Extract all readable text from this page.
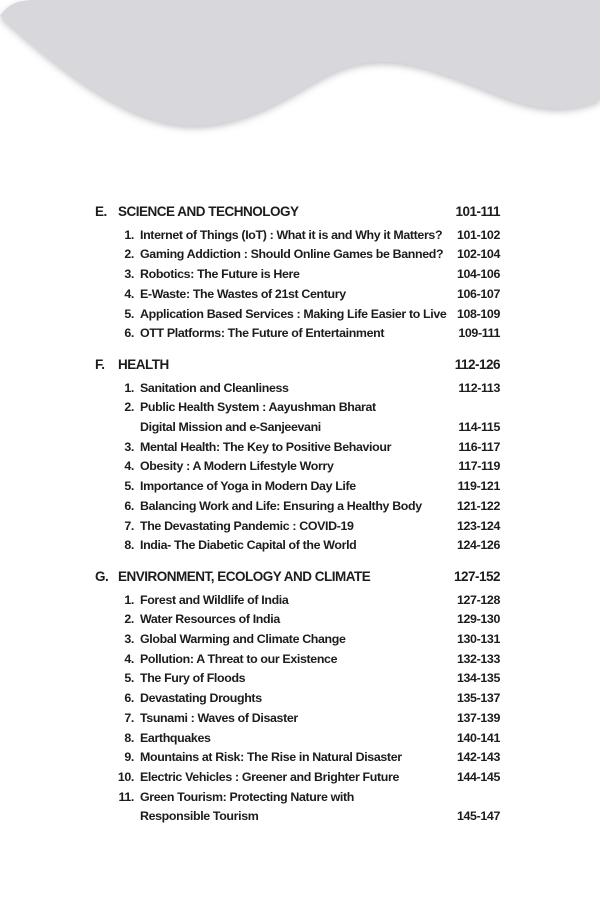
E. SCIENCE AND TECHNOLOGY	101-111
1. Internet of Things (IoT) : What it is and Why it Matters?	101-102
2. Gaming Addiction : Should Online Games be Banned?	102-104
3. Robotics: The Future is Here	104-106
4. E-Waste: The Wastes of 21st Century	106-107
5. Application Based Services : Making Life Easier to Live 108-109
6. OTT Platforms: The Future of Entertainment	109-111
F. HEALTH	112-126
1. Sanitation and Cleanliness	112-113
2. Public Health System : Aayushman Bharat
Digital Mission and e-Sanjeevani	114-115
3. Mental Health: The Key to Positive Behaviour	116-117
4. Obesity : A Modern Lifestyle Worry	117-119
5. Importance of Yoga in Modern Day Life	119-121
6. Balancing Work and Life: Ensuring a Healthy Body	121-122
7. The Devastating Pandemic : COVID-19	123-124
8. India- The Diabetic Capital of the World	124-126
G. ENVIRONMENT, ECOLOGY AND CLIMATE	127-152
1. Forest and Wildlife of India	127-128
2. Water Resources of India	129-130
3. Global Warming and Climate Change	130-131
4. Pollution: A Threat to our Existence	132-133
5. The Fury of Floods	134-135
6. Devastating Droughts	135-137
7. Tsunami : Waves of Disaster	137-139
8. Earthquakes	140-141
9. Mountains at Risk: The Rise in Natural Disaster	142-143
10. Electric Vehicles : Greener and Brighter Future	144-145
11. Green Tourism: Protecting Nature with
Responsible Tourism	145-147
